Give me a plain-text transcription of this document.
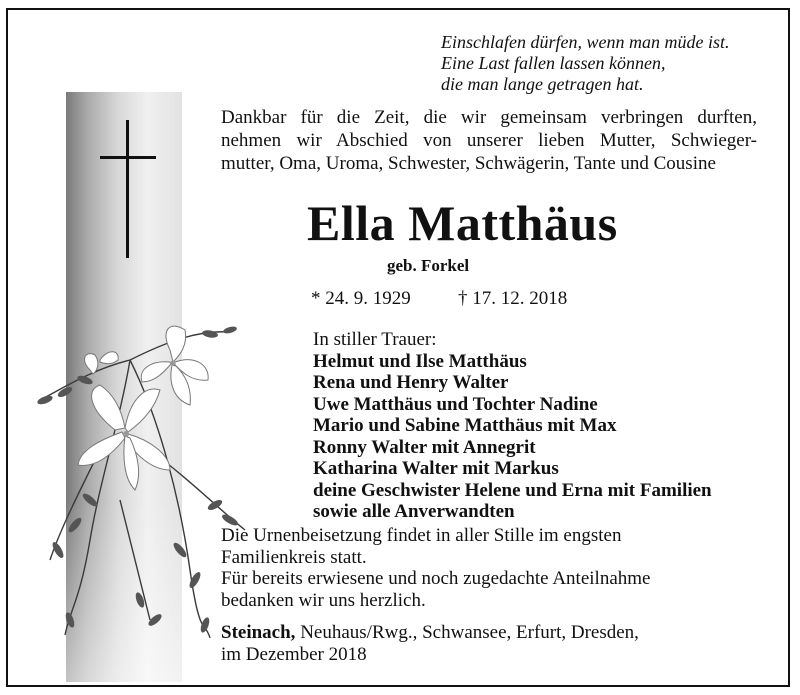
Einschlafen dürfen, wenn man müde ist.
Eine Last fallen lassen können,
die man lange getragen hat.
Dankbar für die Zeit, die wir gemeinsam verbringen durften,
nehmen wir Abschied von unserer lieben Mutter, Schwieger-
mutter, Oma, Uroma, Schwester, Schwägerin, Tante und Cousine
Ella Matthäus
geb. Forkel
* 24. 9. 1929 † 17. 12. 2018
In stiller Trauer:
Helmut und Ilse Matthäus
Rena und Henry Walter
Uwe Matthäus und Tochter Nadine
Mario und Sabine Matthäus mit Max
Ronny Walter mit Annegrit
Katharina Walter mit Markus
deine Geschwister Helene und Erna mit Familien
sowie alle Anverwandten
Die Urnenbeisetzung findet in aller Stille im engsten
Familienkreis statt.
Für bereits erwiesene und noch zugedachte Anteilnahme
bedanken wir uns herzlich.
Steinach, Neuhaus/Rwg., Schwansee, Erfurt, Dresden,
im Dezember 2018
